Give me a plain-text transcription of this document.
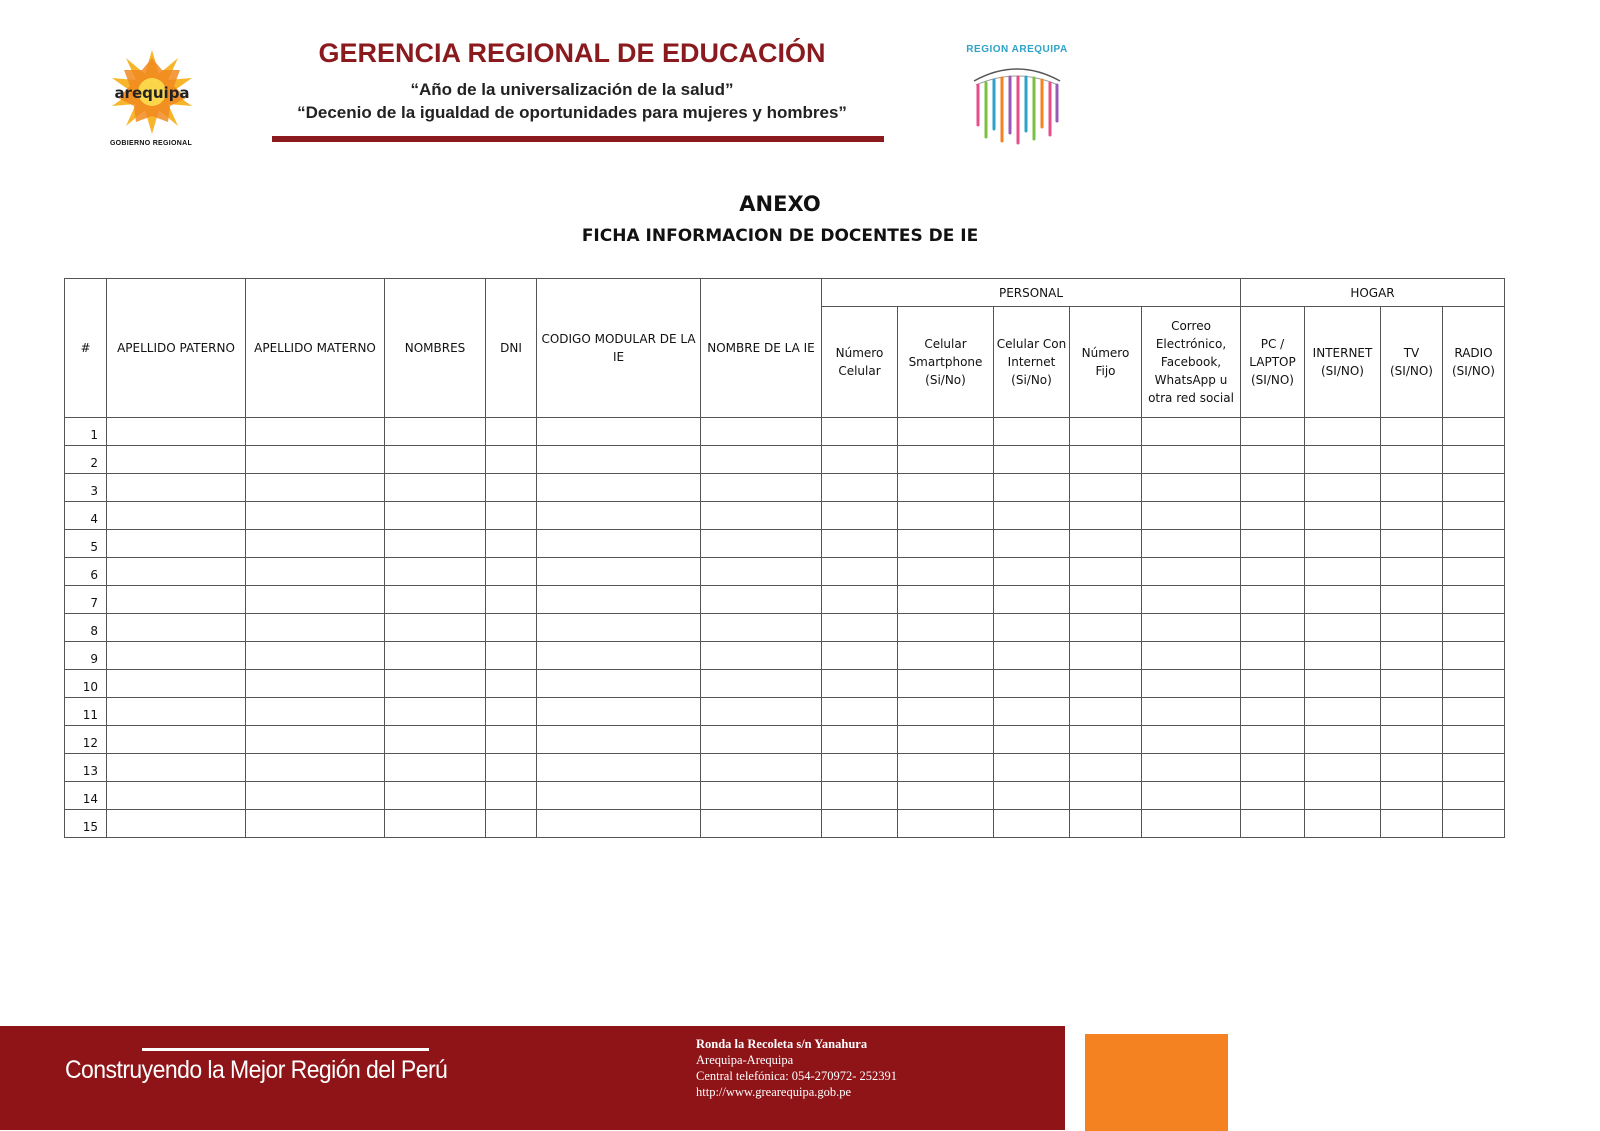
arequipa
GOBIERNO REGIONAL
GERENCIA REGIONAL DE EDUCACIÓN
“Año de la universalización de la salud”
“Decenio de la igualdad de oportunidades para mujeres y hombres”
REGION AREQUIPA
ANEXO
FICHA INFORMACION DE DOCENTES DE IE
#	APELLIDO PATERNO	APELLIDO MATERNO	NOMBRES	DNI	CODIGO MODULAR DE LA IE	NOMBRE DE LA IE	PERSONAL					HOGAR			
							Número Celular	Celular Smartphone (Si/No)	Celular Con Internet (Si/No)	Número Fijo	Correo Electrónico, Facebook, WhatsApp u otra red social	PC / LAPTOP (SI/NO)	INTERNET (SI/NO)	TV (SI/NO)	RADIO (SI/NO)
1															
2															
3															
4															
5															
6															
7															
8															
9															
10															
11															
12															
13															
14															
15															
Construyendo la Mejor Región del Perú
Ronda la Recoleta s/n Yanahura
Arequipa-Arequipa
Central telefónica: 054-270972- 252391
http://www.grearequipa.gob.pe
